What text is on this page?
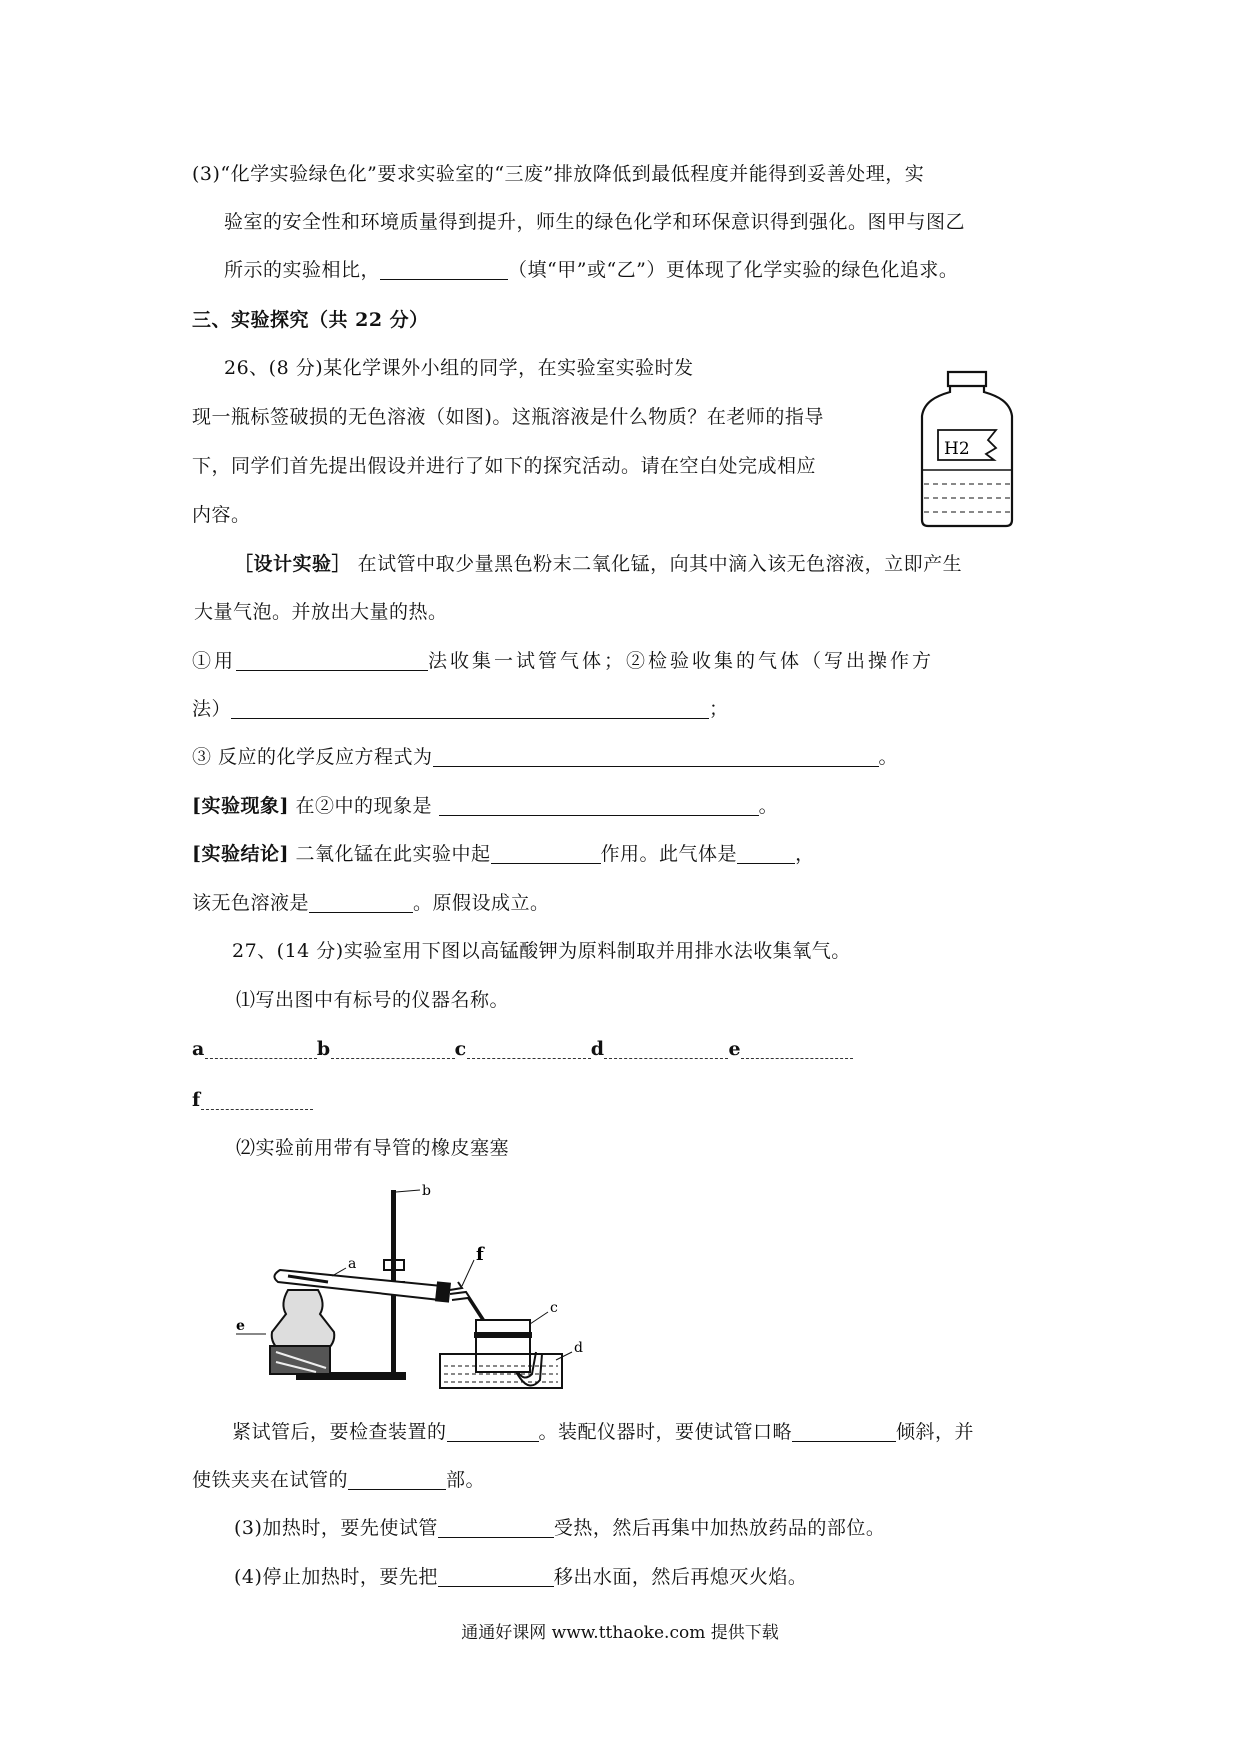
(3)“化学实验绿色化”要求实验室的“三废”排放降低到最低程度并能得到妥善处理，实
验室的安全性和环境质量得到提升，师生的绿色化学和环保意识得到强化。图甲与图乙
所示的实验相比，	（填“甲”或“乙”）更体现了化学实验的绿色化追求。
三、实验探究（共 22 分）
26、(8 分)某化学课外小组的同学，在实验室实验时发
现一瓶标签破损的无色溶液（如图)。这瓶溶液是什么物质？在老师的指导
下，同学们首先提出假设并进行了如下的探究活动。请在空白处完成相应
内容。
H2
［设计实验］ 在试管中取少量黑色粉末二氧化锰，向其中滴入该无色溶液，立即产生
大量气泡。并放出大量的热。
①用	法收集一试管气体；②检验收集的气体（写出操作方
法）	；
③ 反应的化学反应方程式为	。
[实验现象] 在②中的现象是	。
[实验结论] 二氧化锰在此实验中起	作用。此气体是	，
该无色溶液是	。原假设成立。
27、(14 分)实验室用下图以高锰酸钾为原料制取并用排水法收集氧气。
⑴写出图中有标号的仪器名称。
a	b	c	d	e
f
⑵实验前用带有导管的橡皮塞塞
b
a	f
e
c
d
紧试管后，要检查装置的	。装配仪器时，要使试管口略	倾斜，并
使铁夹夹在试管的	部。
(3)加热时，要先使试管	受热，然后再集中加热放药品的部位。
(4)停止加热时，要先把	移出水面，然后再熄灭火焰。
通通好课网 www.tthaoke.com 提供下载
